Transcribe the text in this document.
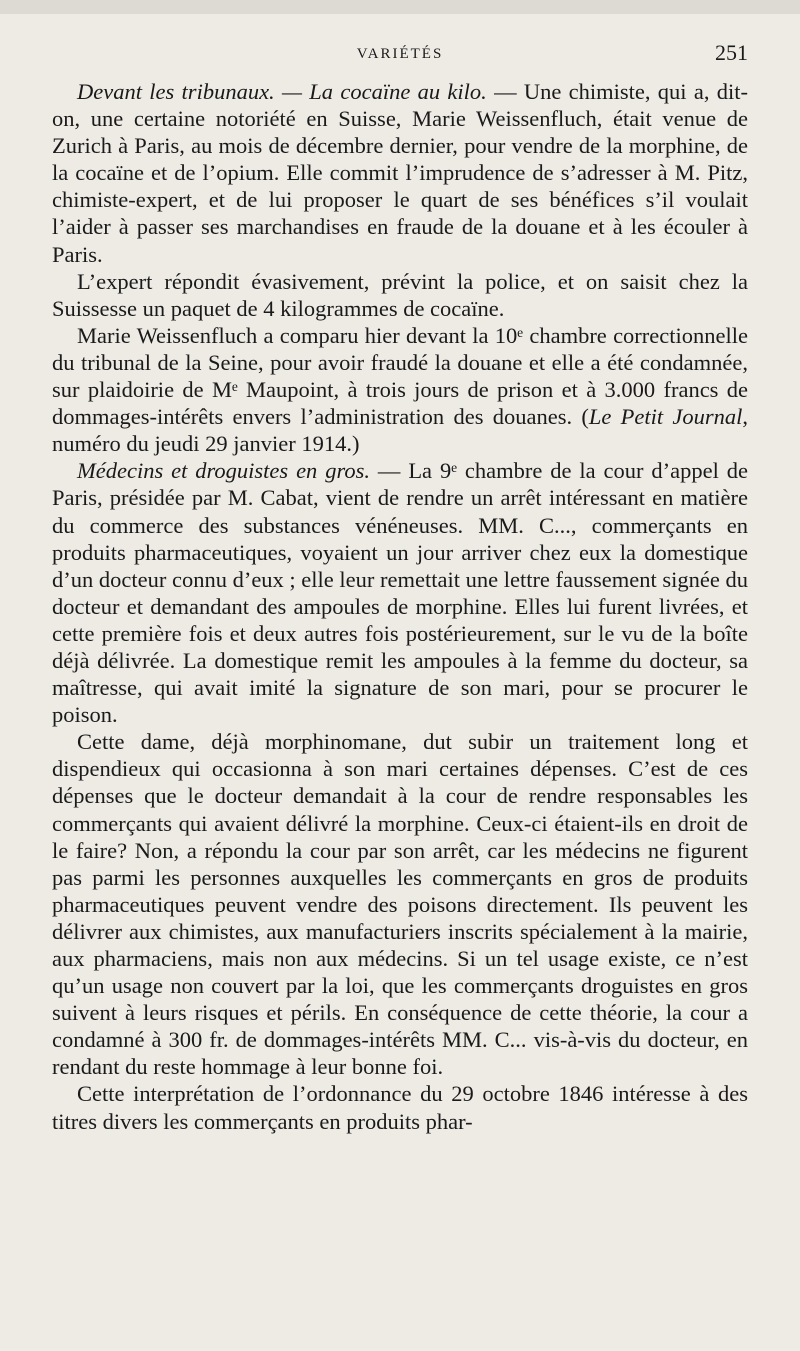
VARIÉTÉS	251

Devant les tribunaux. — La cocaïne au kilo. — Une chimiste, qui a, dit-on, une certaine notoriété en Suisse, Marie Weissenfluch, était venue de Zurich à Paris, au mois de décembre dernier, pour vendre de la morphine, de la cocaïne et de l’opium. Elle commit l’imprudence de s’adresser à M. Pitz, chimiste-expert, et de lui proposer le quart de ses bénéfices s’il voulait l’aider à passer ses marchandises en fraude de la douane et à les écouler à Paris.

L’expert répondit évasivement, prévint la police, et on saisit chez la Suissesse un paquet de 4 kilogrammes de cocaïne.

Marie Weissenfluch a comparu hier devant la 10ᵉ chambre correctionnelle du tribunal de la Seine, pour avoir fraudé la douane et elle a été condamnée, sur plaidoirie de Mᵉ Maupoint, à trois jours de prison et à 3.000 francs de dommages-intérêts envers l’administration des douanes. (Le Petit Journal, numéro du jeudi 29 janvier 1914.)

Médecins et droguistes en gros. — La 9ᵉ chambre de la cour d’appel de Paris, présidée par M. Cabat, vient de rendre un arrêt intéressant en matière du commerce des substances vénéneuses. MM. C..., commerçants en produits pharmaceutiques, voyaient un jour arriver chez eux la domestique d’un docteur connu d’eux ; elle leur remettait une lettre faussement signée du docteur et demandant des ampoules de morphine. Elles lui furent livrées, et cette première fois et deux autres fois postérieurement, sur le vu de la boîte déjà délivrée. La domestique remit les ampoules à la femme du docteur, sa maîtresse, qui avait imité la signature de son mari, pour se procurer le poison.

Cette dame, déjà morphinomane, dut subir un traitement long et dispendieux qui occasionna à son mari certaines dépenses. C’est de ces dépenses que le docteur demandait à la cour de rendre responsables les commerçants qui avaient délivré la morphine. Ceux-ci étaient-ils en droit de le faire? Non, a répondu la cour par son arrêt, car les médecins ne figurent pas parmi les personnes auxquelles les commerçants en gros de produits pharmaceutiques peuvent vendre des poisons directement. Ils peuvent les délivrer aux chimistes, aux manufacturiers inscrits spécialement à la mairie, aux pharmaciens, mais non aux médecins. Si un tel usage existe, ce n’est qu’un usage non couvert par la loi, que les commerçants droguistes en gros suivent à leurs risques et périls. En conséquence de cette théorie, la cour a condamné à 300 fr. de dommages-intérêts MM. C... vis-à-vis du docteur, en rendant du reste hommage à leur bonne foi.

Cette interprétation de l’ordonnance du 29 octobre 1846 intéresse à des titres divers les commerçants en produits phar-
